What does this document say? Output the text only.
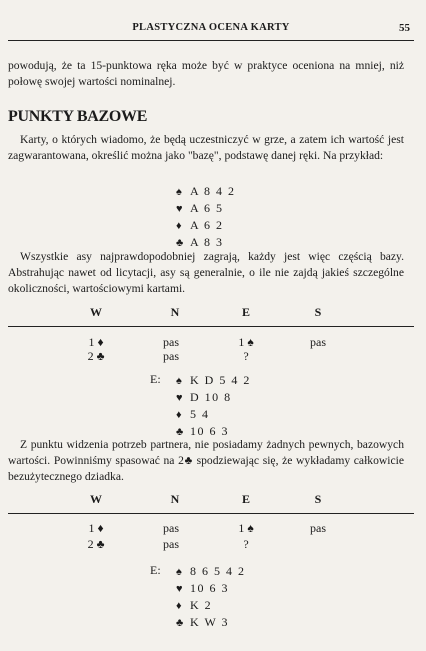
PLASTYCZNA OCENA KARTY	55
powodują, że ta 15-punktowa ręka może być w praktyce oceniona na mniej, niż połowę swojej wartości nominalnej.
PUNKTY BAZOWE
Karty, o których wiadomo, że będą uczestniczyć w grze, a zatem ich wartość jest zagwarantowana, określić można jako "bazę", podstawę danej ręki. Na przykład:
♠ A 8 4 2
♥ A 6 5
♦ A 6 2
♣ A 8 3
Wszystkie asy najprawdopodobniej zagrają, każdy jest więc częścią bazy. Abstrahując nawet od licytacji, asy są generalnie, o ile nie zajdą jakieś szczególne okoliczności, wartościowymi kartami.
W	N	E	S
1 ♦	pas	1 ♠	pas
2 ♣	pas	?
E: ♠ K D 5 4 2
♥ D 10 8
♦ 5 4
♣ 10 6 3
Z punktu widzenia potrzeb partnera, nie posiadamy żadnych pewnych, bazowych wartości. Powinniśmy spasować na 2♣ spodziewając się, że wykładamy całkowicie bezużytecznego dziadka.
W	N	E	S
1 ♦	pas	1 ♠	pas
2 ♣	pas	?
E: ♠ 8 6 5 4 2
♥ 10 6 3
♦ K 2
♣ K W 3
